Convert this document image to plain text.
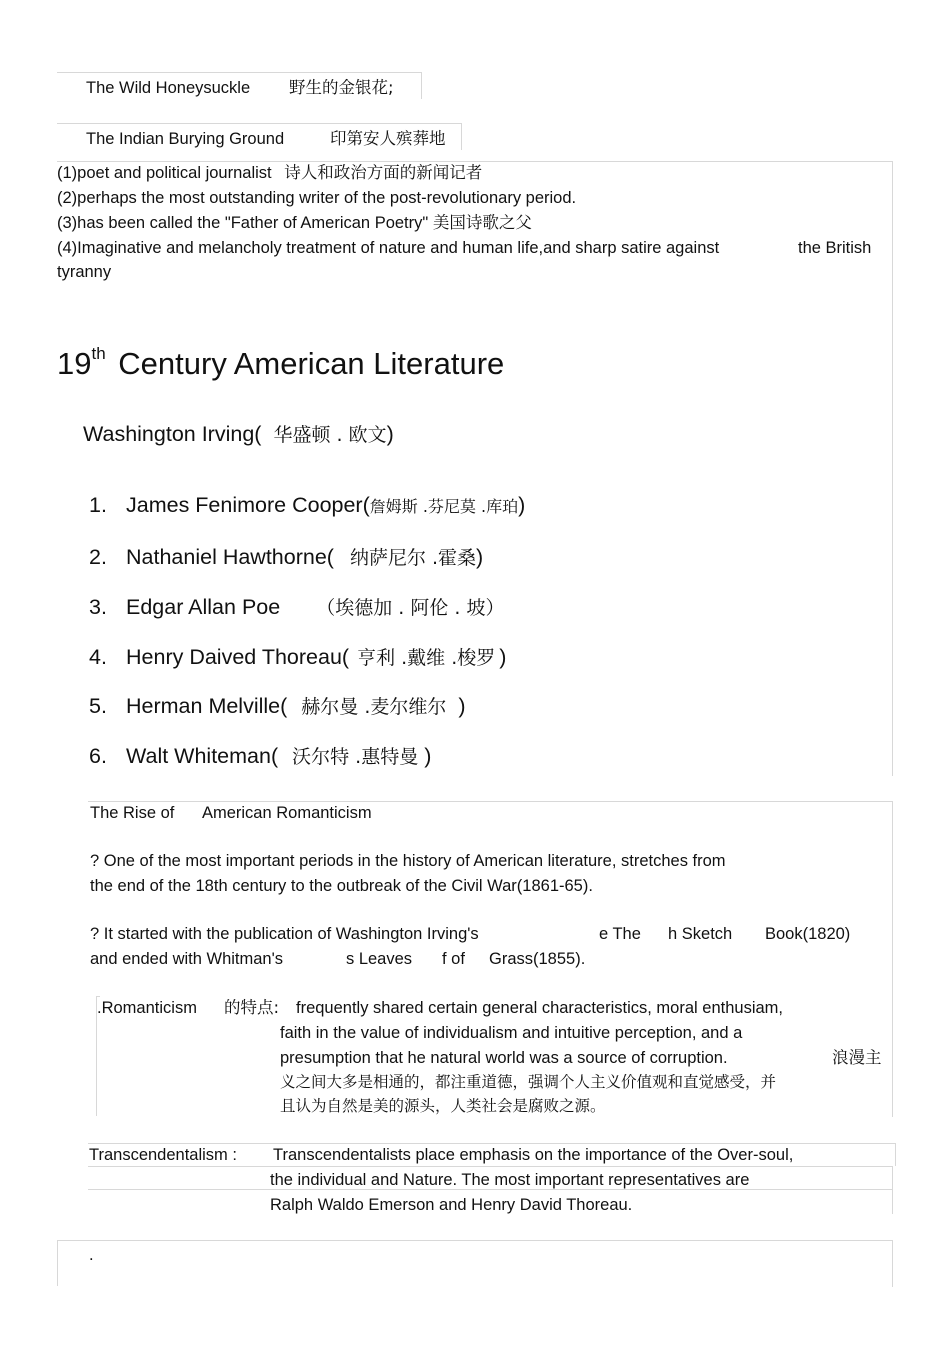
The Wild Honeysuckle 野生的金银花;
The Indian Burying Ground	印第安人殡葬地
(1)poet and political journalist 诗人和政治方面的新闻记者
(2)perhaps the most outstanding writer of the post-revolutionary period.
(3)has been called the "Father of American Poetry" 美国诗歌之父
(4)Imaginative and melancholy treatment of nature and human life,and sharp satire against	the British
tyranny
19th Century American Literature
Washington Irving( 华盛顿 . 欧文)
1. James Fenimore Cooper(詹姆斯 .芬尼莫 .库珀)
2. Nathaniel Hawthorne( 纳萨尼尔 .霍桑)
3. Edgar Allan Poe （埃德加 . 阿伦 . 坡）
4. Henry Daived Thoreau( 亨利 .戴维 .梭罗 )
5. Herman Melville( 赫尔曼 .麦尔维尔 )
6. Walt Whiteman( 沃尔特 .惠特曼 )
The Rise of American Romanticism
? One of the most important periods in the history of American literature, stretches from
the end of the 18th century to the outbreak of the Civil War(1861-65).
? It started with the publication of Washington Irving's	e The h Sketch Book(1820)
and ended with Whitman's	s Leaves f of Grass(1855).
.Romanticism 的特点: frequently shared certain general characteristics, moral enthusiam,
faith in the value of individualism and intuitive perception, and a
presumption that he natural world was a source of corruption.	浪漫主
义之间大多是相通的，都注重道德，强调个人主义价值观和直觉感受，并
且认为自然是美的源头，人类社会是腐败之源。
Transcendentalism : Transcendentalists place emphasis on the importance of the Over-soul,
the individual and Nature. The most important representatives are
Ralph Waldo Emerson and Henry David Thoreau.
.
